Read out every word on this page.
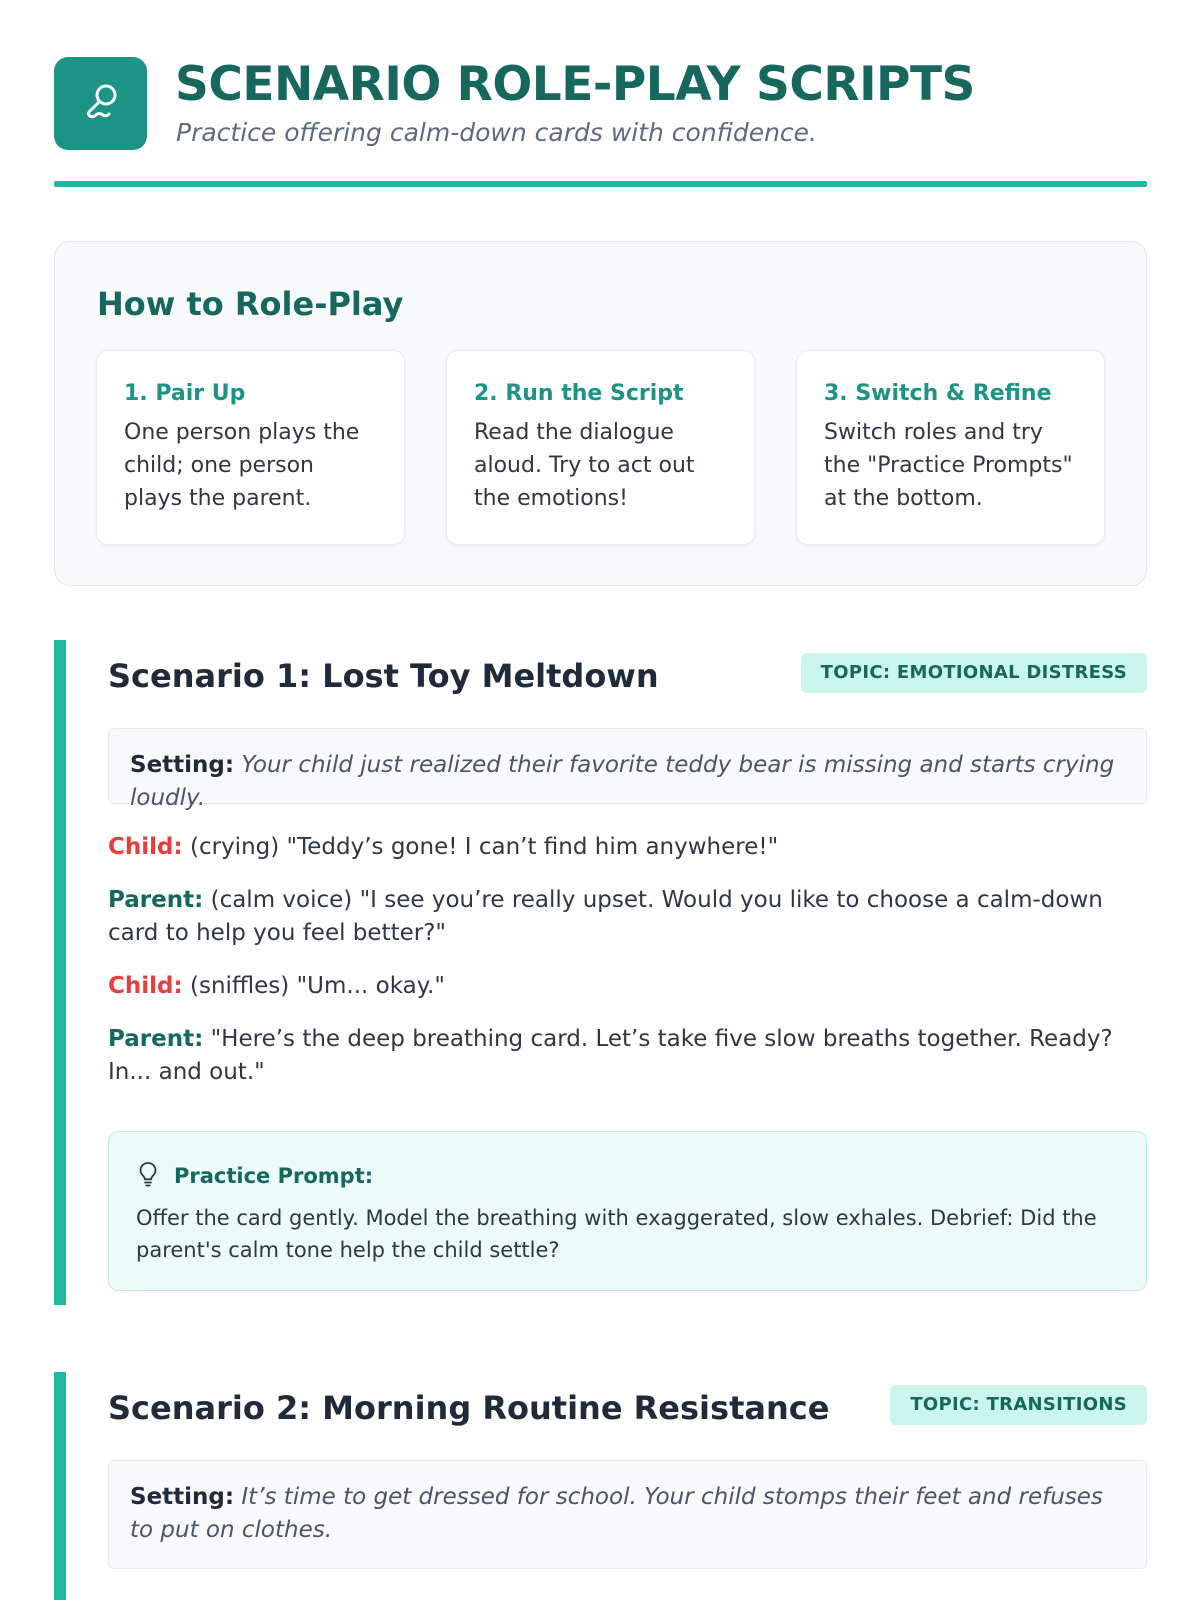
SCENARIO ROLE-PLAY SCRIPTS
Practice offering calm-down cards with confidence.
How to Role-Play
1. Pair Up
One person plays the child; one person plays the parent.
2. Run the Script
Read the dialogue aloud. Try to act out the emotions!
3. Switch & Refine
Switch roles and try the "Practice Prompts" at the bottom.
Scenario 1: Lost Toy Meltdown	TOPIC: EMOTIONAL DISTRESS
Setting: Your child just realized their favorite teddy bear is missing and starts crying loudly.
Child: (crying) "Teddy’s gone! I can’t find him anywhere!"
Parent: (calm voice) "I see you’re really upset. Would you like to choose a calm-down card to help you feel better?"
Child: (sniffles) "Um... okay."
Parent: "Here’s the deep breathing card. Let’s take five slow breaths together. Ready? In... and out."
Practice Prompt:
Offer the card gently. Model the breathing with exaggerated, slow exhales. Debrief: Did the parent's calm tone help the child settle?
Scenario 2: Morning Routine Resistance	TOPIC: TRANSITIONS
Setting: It’s time to get dressed for school. Your child stomps their feet and refuses to put on clothes.
